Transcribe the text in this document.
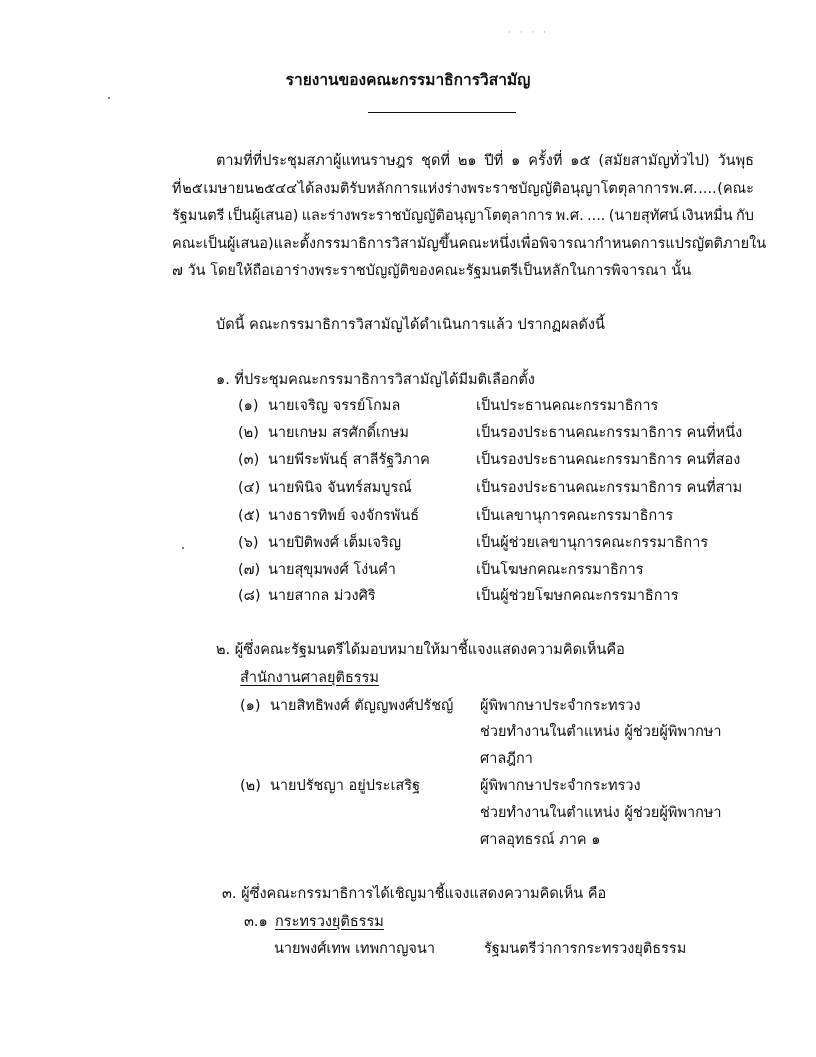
· · · ·
รายงานของคณะกรรมาธิการวิสามัญ
ตามที่ที่ประชุมสภาผู้แทนราษฎร ชุดที่ ๒๑ ปีที่ ๑ ครั้งที่ ๑๕ (สมัยสามัญทั่วไป) วันพุธ
ที่ ๒๕ เมษายน ๒๕๔๔ ได้ลงมติรับหลักการแห่งร่างพระราชบัญญัติอนุญาโตตุลาการ พ.ศ. .... (คณะ
รัฐมนตรี เป็นผู้เสนอ) และร่างพระราชบัญญัติอนุญาโตตุลาการ พ.ศ. .... (นายสุทัศน์ เงินหมื่น กับ
คณะ เป็นผู้เสนอ) และตั้งกรรมาธิการวิสามัญขึ้นคณะหนึ่งเพื่อพิจารณา กำหนดการแปรญัตติภายใน
๗
วัน
โดยให้ถือเอาร่างพระราชบัญญัติของคณะรัฐมนตรีเป็นหลักในการพิจารณา
นั้น
บัดนี้ คณะกรรมาธิการวิสามัญได้ดำเนินการแล้ว ปรากฏผลดังนี้
๑. ที่ประชุมคณะกรรมาธิการวิสามัญได้มีมติเลือกตั้ง
(๑) นายเจริญ จรรย์โกมล	เป็นประธานคณะกรรมาธิการ
(๒) นายเกษม สรศักดิ์เกษม	เป็นรองประธานคณะกรรมาธิการ คนที่หนึ่ง
(๓) นายพีระพันธุ์ สาลีรัฐวิภาค	เป็นรองประธานคณะกรรมาธิการ คนที่สอง
(๔) นายพินิจ จันทร์สมบูรณ์	เป็นรองประธานคณะกรรมาธิการ คนที่สาม
(๕) นางธารทิพย์ จงจักรพันธ์	เป็นเลขานุการคณะกรรมาธิการ
(๖) นายปิติพงศ์ เต็มเจริญ	เป็นผู้ช่วยเลขานุการคณะกรรมาธิการ
(๗) นายสุขุมพงศ์ โง่นคำ	เป็นโฆษกคณะกรรมาธิการ
(๘) นายสากล ม่วงศิริ	เป็นผู้ช่วยโฆษกคณะกรรมาธิการ
๒. ผู้ซึ่งคณะรัฐมนตรีได้มอบหมายให้มาชี้แจงแสดงความคิดเห็นคือ
สำนักงานศาลยุติธรรม
(๑) นายสิทธิพงศ์ ตัญญพงศ์ปรัชญ์ ผู้พิพากษาประจำกระทรวง
ช่วยทำงานในตำแหน่ง ผู้ช่วยผู้พิพากษา
ศาลฎีกา
(๒) นายปรัชญา อยู่ประเสริฐ	ผู้พิพากษาประจำกระทรวง
ช่วยทำงานในตำแหน่ง ผู้ช่วยผู้พิพากษา
ศาลอุทธรณ์ ภาค ๑
๓. ผู้ซึ่งคณะกรรมาธิการได้เชิญมาชี้แจงแสดงความคิดเห็น คือ
๓.๑ กระทรวงยุติธรรม
นายพงศ์เทพ เทพกาญจนา	รัฐมนตรีว่าการกระทรวงยุติธรรม
